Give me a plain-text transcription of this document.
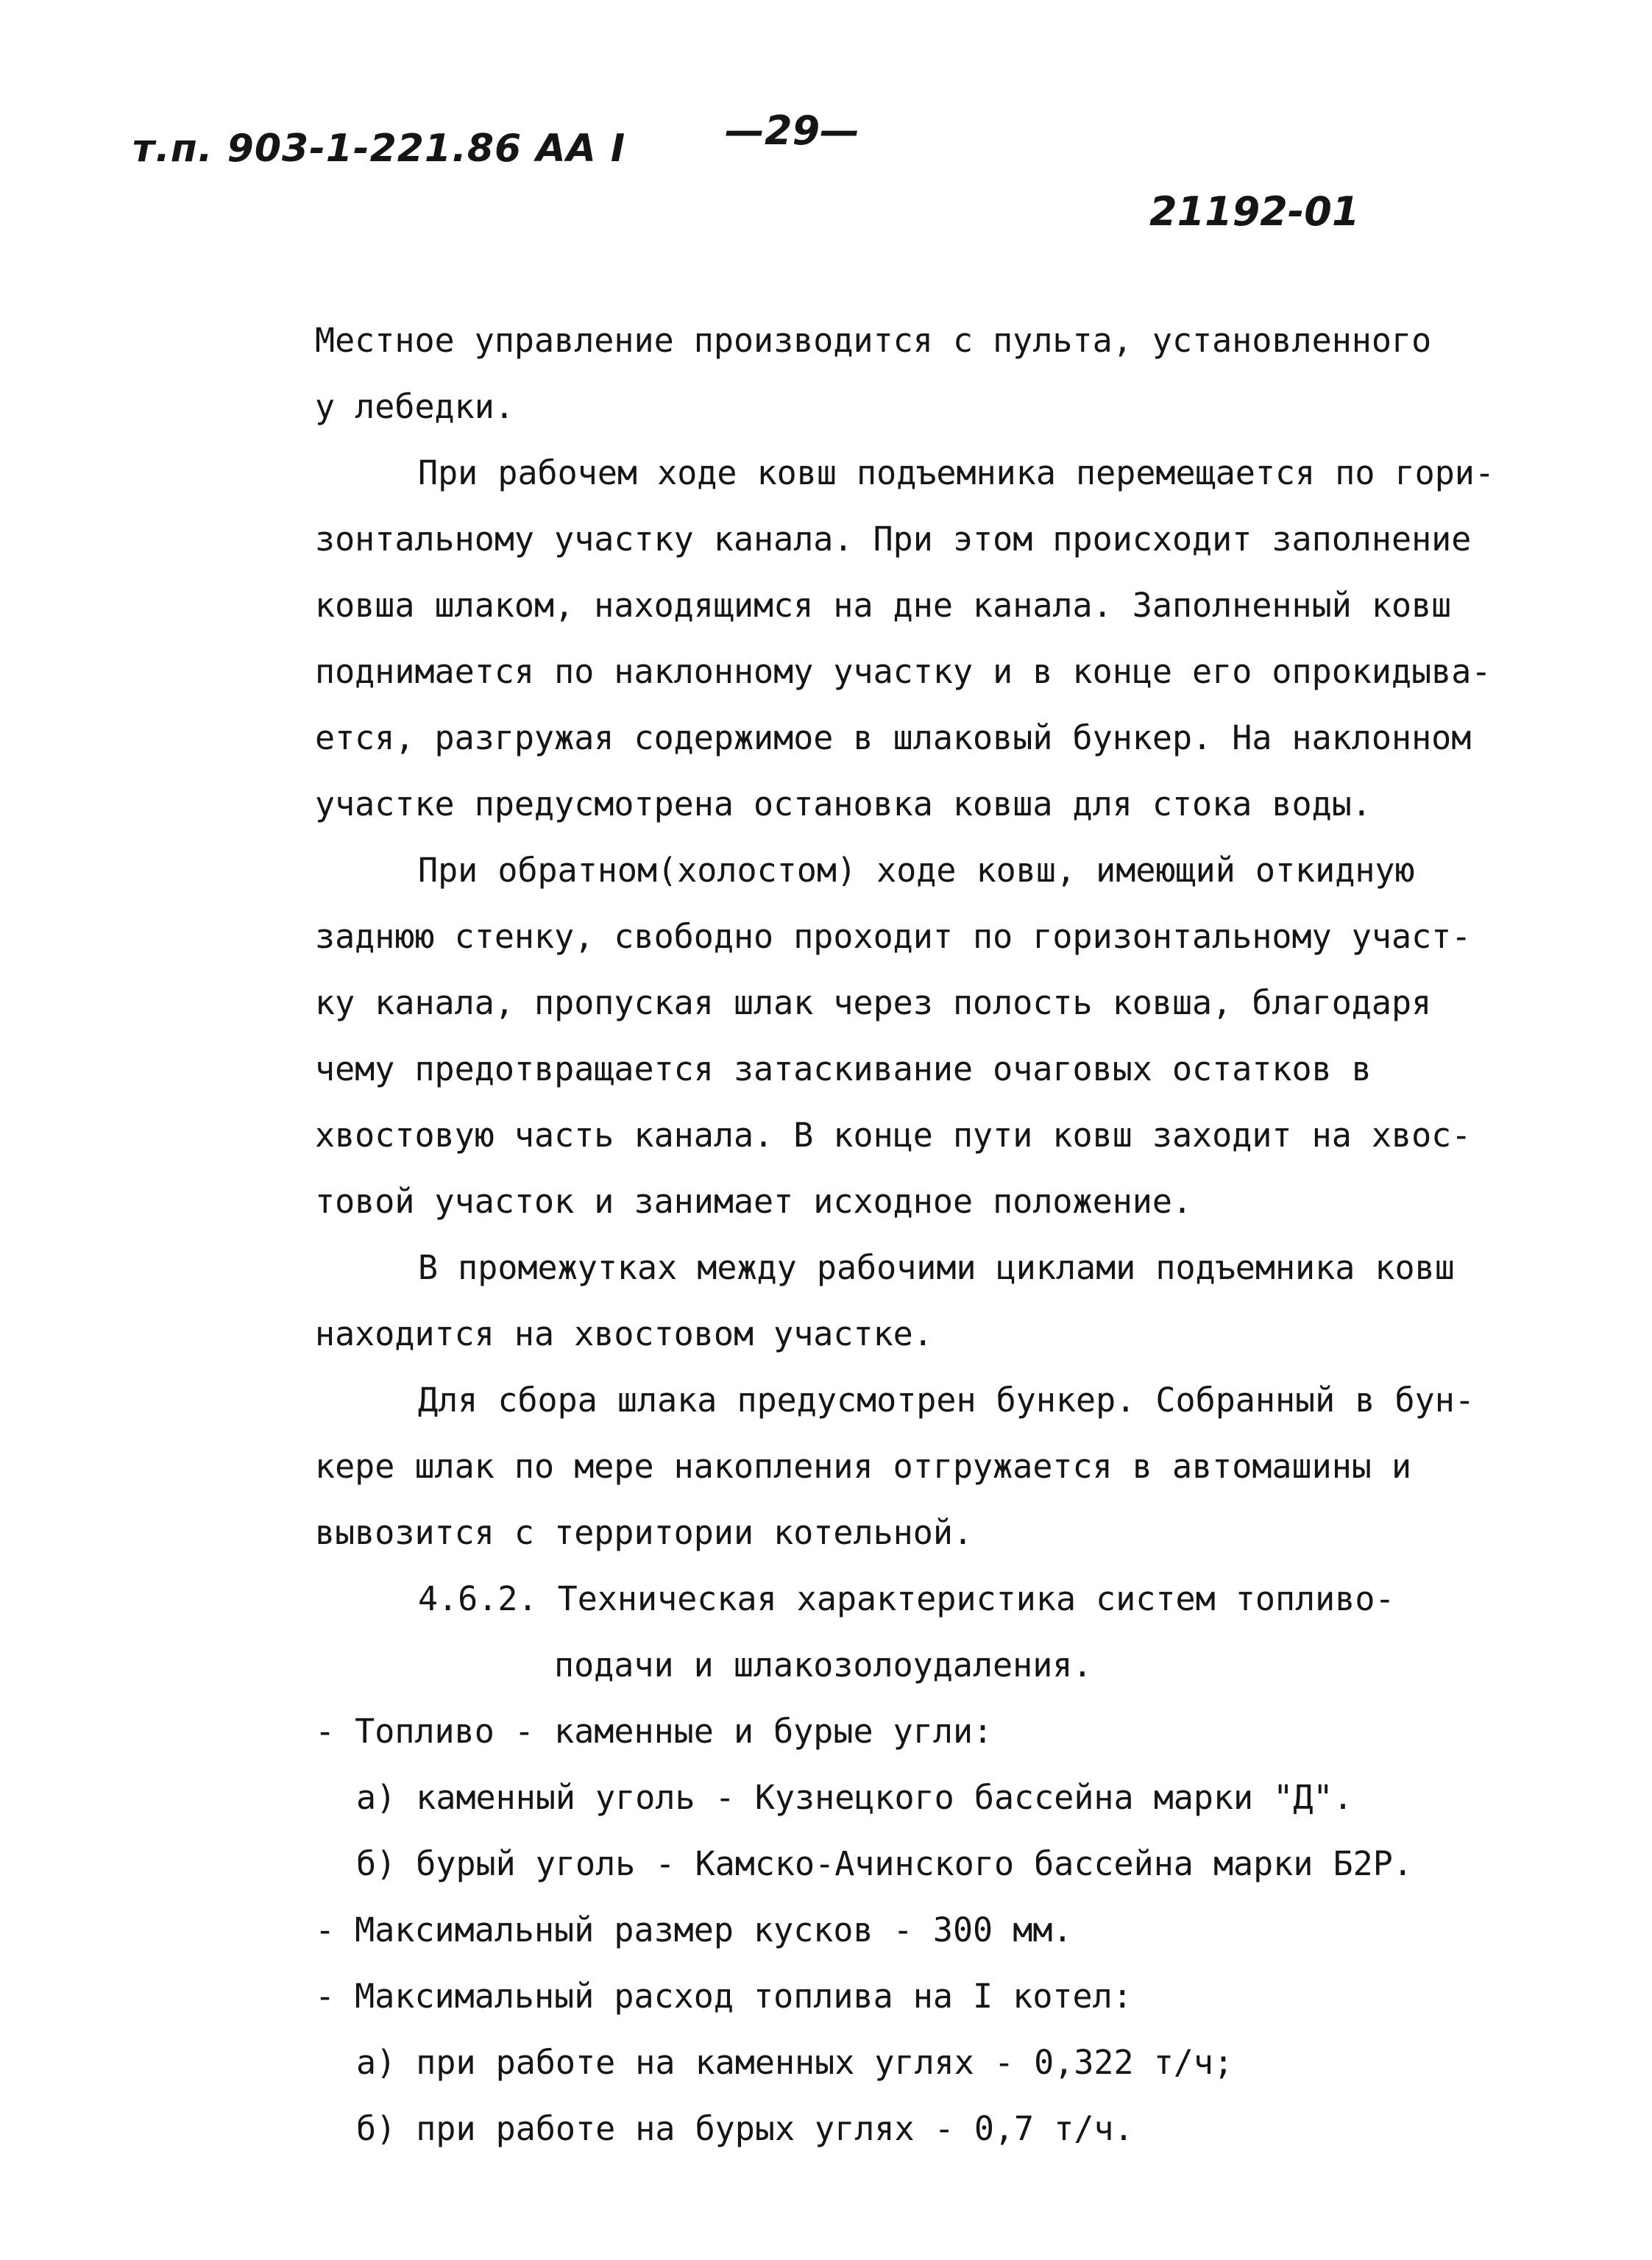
т.п. 903-1-221.86 АА I —29—
21192-01
Местное управление производится с пульта, установленного
у лебедки.
При рабочем ходе ковш подъемника перемещается по гори-
зонтальному участку канала. При этом происходит заполнение
ковша шлаком, находящимся на дне канала. Заполненный ковш
поднимается по наклонному участку и в конце его опрокидыва-
ется, разгружая содержимое в шлаковый бункер. На наклонном
участке предусмотрена остановка ковша для стока воды.
При обратном(холостом) ходе ковш, имеющий откидную
заднюю стенку, свободно проходит по горизонтальному участ-
ку канала, пропуская шлак через полость ковша, благодаря
чему предотвращается затаскивание очаговых остатков в
хвостовую часть канала. В конце пути ковш заходит на хвос-
товой участок и занимает исходное положение.
В промежутках между рабочими циклами подъемника ковш
находится на хвостовом участке.
Для сбора шлака предусмотрен бункер. Собранный в бун-
кере шлак по мере накопления отгружается в автомашины и
вывозится с территории котельной.
4.6.2. Техническая характеристика систем топливо-
подачи и шлакозолоудаления.
- Топливо - каменные и бурые угли:
а) каменный уголь - Кузнецкого бассейна марки "Д".
б) бурый уголь - Камско-Ачинского бассейна марки Б2Р.
- Максимальный размер кусков - 300 мм.
- Максимальный расход топлива на I котел:
а) при работе на каменных углях - 0,322 т/ч;
б) при работе на бурых углях - 0,7 т/ч.
